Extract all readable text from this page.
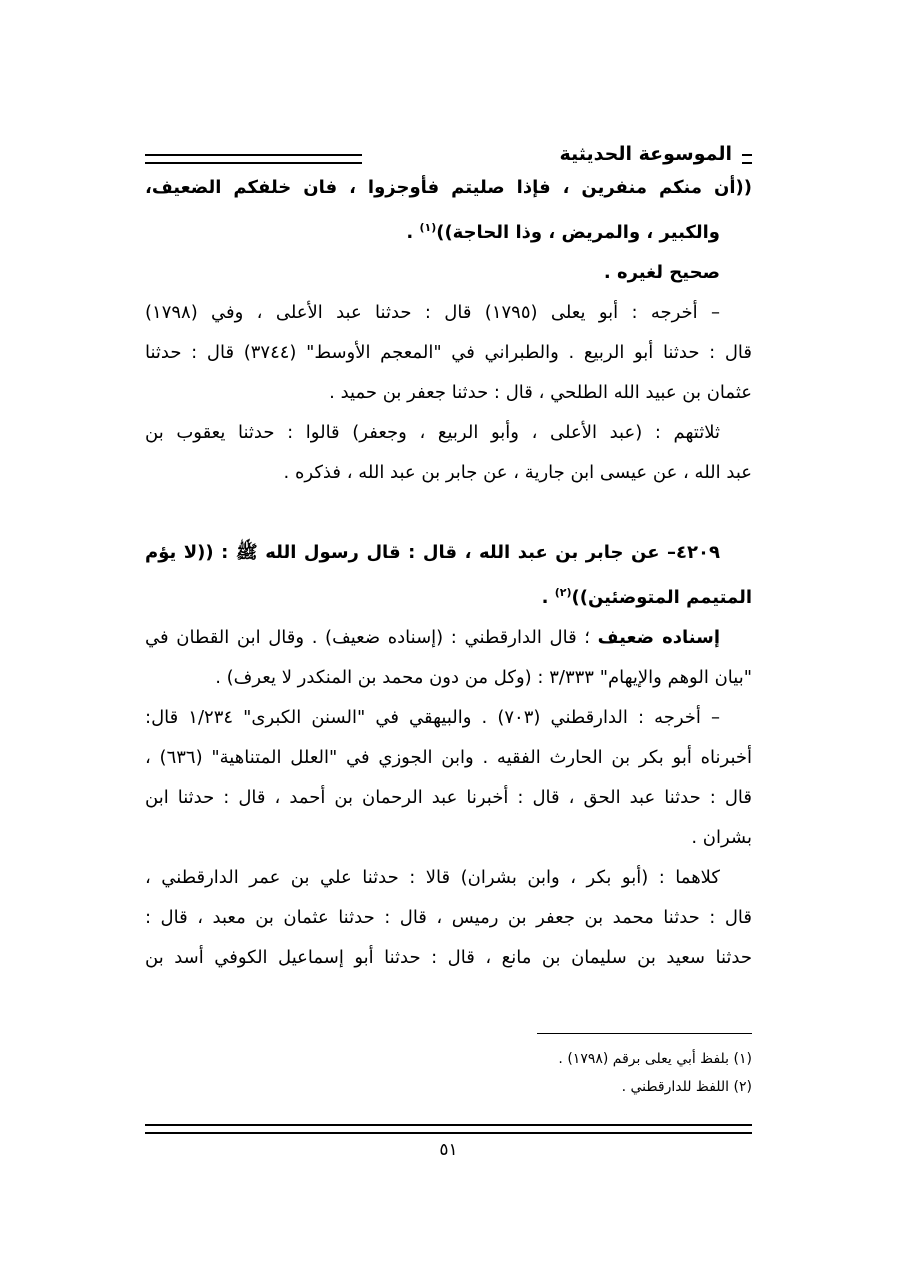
الموسوعة الحديثية
((أن منكم منفرين ، فإذا صليتم فأوجزوا ، فان خلفكم الضعيف،
والكبير ، والمريض ، وذا الحاجة))$^{(١)}$ .
صحيح لغيره .
– أخرجه : أبو يعلى (١٧٩٥) قال : حدثنا عبد الأعلى ، وفي (١٧٩٨)
قال : حدثنا أبو الربيع . والطبراني في "المعجم الأوسط" (٣٧٤٤) قال : حدثنا
عثمان بن عبيد الله الطلحي ، قال : حدثنا جعفر بن حميد .
ثلاثتهم : (عبد الأعلى ، وأبو الربيع ، وجعفر) قالوا : حدثنا يعقوب بن
عبد الله ، عن عيسى ابن جارية ، عن جابر بن عبد الله ، فذكره .
٤٢٠٩– عن جابر بن عبد الله ، قال : قال رسول الله ﷺ : ((لا يؤم
المتيمم المتوضئين))$^{(٢)}$ .
إسناده ضعيف ؛ قال الدارقطني : (إسناده ضعيف) . وقال ابن القطان في
"بيان الوهم والإيهام" ٣/٣٣٣ : (وكل من دون محمد بن المنكدر لا يعرف) .
– أخرجه : الدارقطني (٧٠٣) . والبيهقي في "السنن الكبرى" ١/٢٣٤ قال:
أخبرناه أبو بكر بن الحارث الفقيه . وابن الجوزي في "العلل المتناهية" (٦٣٦) ،
قال : حدثنا عبد الحق ، قال : أخبرنا عبد الرحمان بن أحمد ، قال : حدثنا ابن
بشران .
كلاهما : (أبو بكر ، وابن بشران) قالا : حدثنا علي بن عمر الدارقطني ،
قال : حدثنا محمد بن جعفر بن رميس ، قال : حدثنا عثمان بن معبد ، قال :
حدثنا سعيد بن سليمان بن مانع ، قال : حدثنا أبو إسماعيل الكوفي أسد بن
(١) بلفظ أبي يعلى برقم (١٧٩٨) .
(٢) اللفظ للدارقطني .
٥١
